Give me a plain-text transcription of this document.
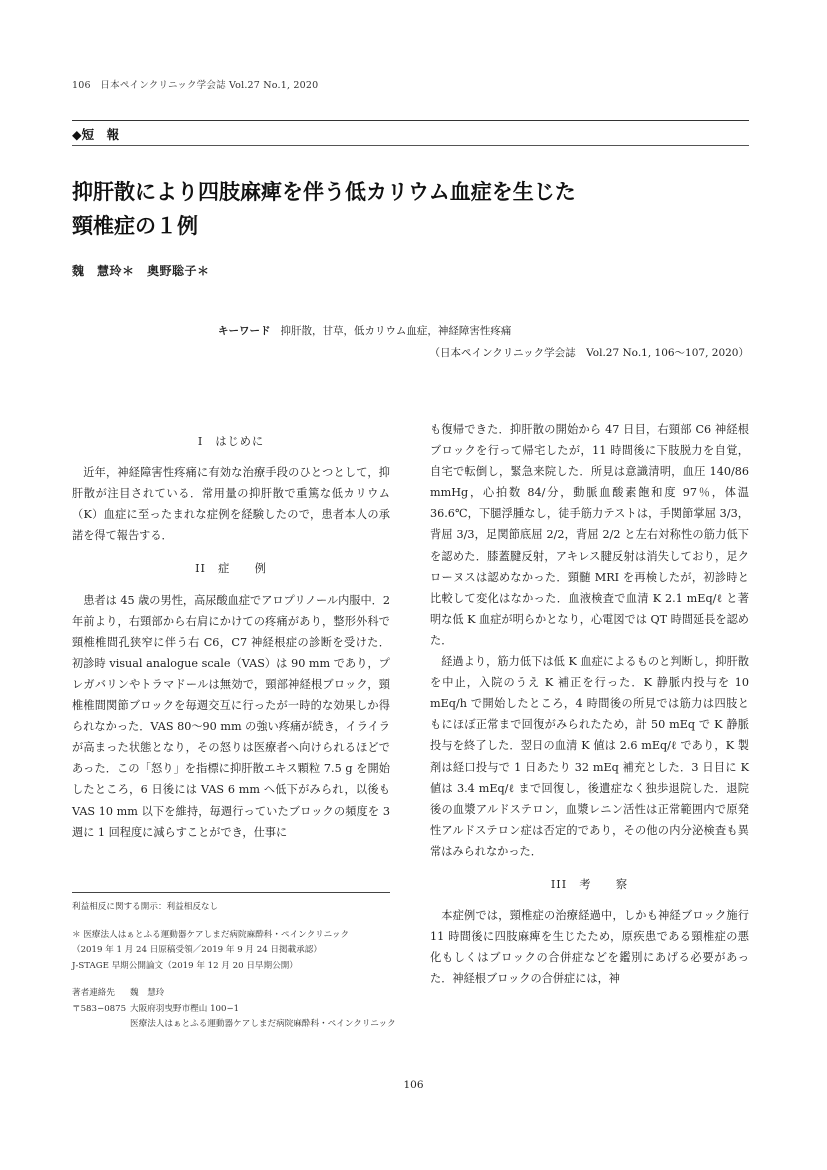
106　日本ペインクリニック学会誌 Vol.27 No.1, 2020
◆短　報
抑肝散により四肢麻痺を伴う低カリウム血症を生じた
頸椎症の１例
魏　慧玲＊　奥野聡子＊
キーワード 抑肝散，甘草，低カリウム血症，神経障害性疼痛
（日本ペインクリニック学会誌　Vol.27 No.1, 106〜107, 2020）
I　はじめに

近年，神経障害性疼痛に有効な治療手段のひとつとして，抑肝散が注目されている．常用量の抑肝散で重篤な低カリウム（K）血症に至ったまれな症例を経験したので，患者本人の承諾を得て報告する．

II　症　　例

患者は 45 歳の男性，高尿酸血症でアロプリノール内服中．2 年前より，右頸部から右肩にかけての疼痛があり，整形外科で頸椎椎間孔狭窄に伴う右 C6，C7 神経根症の診断を受けた．初診時 visual analogue scale（VAS）は 90 mm であり，プレガバリンやトラマドールは無効で，頸部神経根ブロック，頸椎椎間関節ブロックを毎週交互に行ったが一時的な効果しか得られなかった．VAS 80〜90 mm の強い疼痛が続き，イライラが高まった状態となり，その怒りは医療者へ向けられるほどであった．この「怒り」を指標に抑肝散エキス顆粒 7.5 g を開始したところ，6 日後には VAS 6 mm へ低下がみられ，以後も VAS 10 mm 以下を維持，毎週行っていたブロックの頻度を 3 週に 1 回程度に減らすことができ，仕事に

利益相反に関する開示：利益相反なし

＊ 医療法人はぁとふる運動器ケアしまだ病院麻酔科・ペインクリニック

（2019 年 1 月 24 日原稿受領／2019 年 9 月 24 日掲載承認）

J-STAGE 早期公開論文（2019 年 12 月 20 日早期公開）

著者連絡先	魏　慧玲
〒583−0875 大阪府羽曳野市樫山 100−1
医療法人はぁとふる運動器ケアしまだ病院麻酔科・ペインクリニック

も復帰できた．抑肝散の開始から 47 日目，右頸部 C6 神経根ブロックを行って帰宅したが，11 時間後に下肢脱力を自覚，自宅で転倒し，緊急来院した．所見は意識清明，血圧 140/86 mmHg，心拍数 84/分，動脈血酸素飽和度 97％，体温 36.6℃，下腿浮腫なし，徒手筋力テストは，手関節掌屈 3/3，背屈 3/3，足関節底屈 2/2，背屈 2/2 と左右対称性の筋力低下を認めた．膝蓋腱反射，アキレス腱反射は消失しており，足クローヌスは認めなかった．頸髄 MRI を再検したが，初診時と比較して変化はなかった．血液検査で血清 K 2.1 mEq/ℓ と著明な低 K 血症が明らかとなり，心電図では QT 時間延長を認めた．

経過より，筋力低下は低 K 血症によるものと判断し，抑肝散を中止，入院のうえ K 補正を行った．K 静脈内投与を 10 mEq/h で開始したところ，4 時間後の所見では筋力は四肢ともにほぼ正常まで回復がみられたため，計 50 mEq で K 静脈投与を終了した．翌日の血清 K 値は 2.6 mEq/ℓ であり，K 製剤は経口投与で 1 日あたり 32 mEq 補充とした．3 日目に K 値は 3.4 mEq/ℓ まで回復し，後遺症なく独歩退院した．退院後の血漿アルドステロン，血漿レニン活性は正常範囲内で原発性アルドステロン症は否定的であり，その他の内分泌検査も異常はみられなかった．

III　考　　察

本症例では，頸椎症の治療経過中，しかも神経ブロック施行 11 時間後に四肢麻痺を生じたため，原疾患である頸椎症の悪化もしくはブロックの合併症などを鑑別にあげる必要があった．神経根ブロックの合併症には，神

106
